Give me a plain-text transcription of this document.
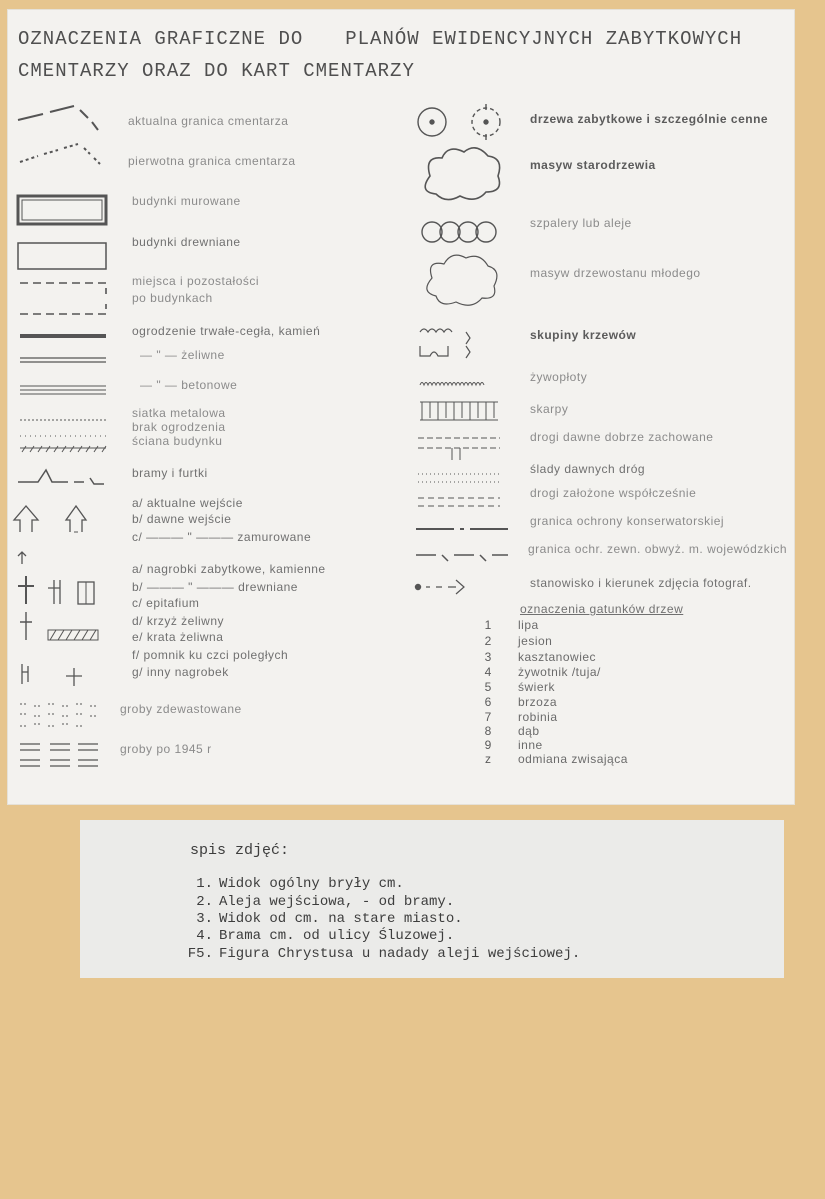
OZNACZENIA GRAFICZNE DO PLANÓW EWIDENCYJNYCH ZABYTKOWYCH
CMENTARZY ORAZ DO KART CMENTARZY
aktualna granica cmentarza
pierwotna granica cmentarza
budynki murowane
budynki drewniane
miejsca i pozostałości
po budynkach
ogrodzenie trwałe-cegła, kamień
— " — żeliwne
— " — betonowe
siatka metalowa
brak ogrodzenia
ściana budynku
bramy i furtki
a/ aktualne wejście
b/ dawne wejście
c/ ——— " ——— zamurowane
a/ nagrobki zabytkowe, kamienne
b/ ——— " ——— drewniane
c/ epitafium
d/ krzyż żeliwny
e/ krata żeliwna
f/ pomnik ku czci poległych
g/ inny nagrobek
groby zdewastowane
groby po 1945 r
drzewa zabytkowe i szczególnie cenne
masyw starodrzewia
szpalery lub aleje
masyw drzewostanu młodego
skupiny krzewów
żywopłoty
skarpy
drogi dawne dobrze zachowane
ślady dawnych dróg
drogi założone współcześnie
granica ochrony konserwatorskiej
granica ochr. zewn. obwyż. m. wojewódzkich
stanowisko i kierunek zdjęcia fotograf.
oznaczenia gatunków drzew
1	lipa
2	jesion
3	kasztanowiec
4	żywotnik /tuja/
5	świerk
6	brzoza
7	robinia
8	dąb
9	inne
z	odmiana zwisająca
spis zdjęć:
1. Widok ogólny bryły cm.
2. Aleja wejściowa, - od bramy.
3. Widok od cm. na stare miasto.
4. Brama cm. od ulicy Śluzowej.
F5. Figura Chrystusa u nadady aleji wejściowej.
